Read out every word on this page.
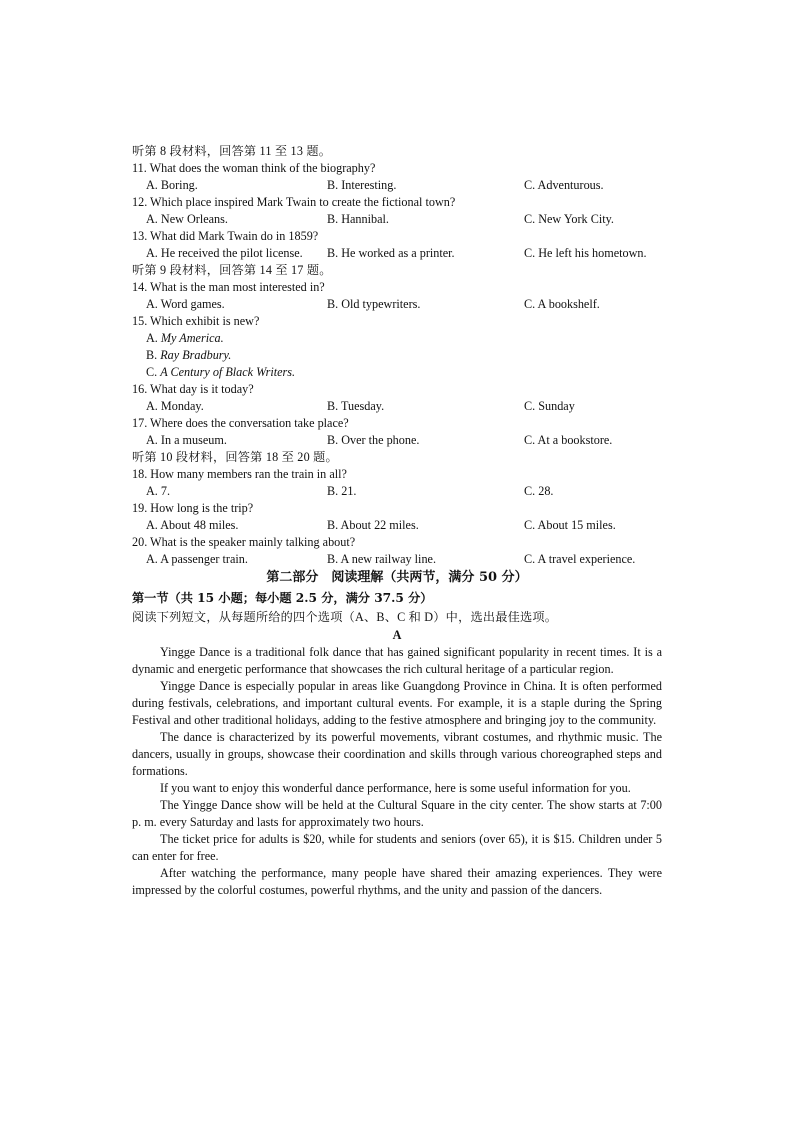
听第 8 段材料，回答第 11 至 13 题。
11. What does the woman think of the biography?
A. Boring.	B. Interesting.	C. Adventurous.
12. Which place inspired Mark Twain to create the fictional town?
A. New Orleans.	B. Hannibal.	C. New York City.
13. What did Mark Twain do in 1859?
A. He received the pilot license. B. He worked as a printer.	C. He left his hometown.
听第 9 段材料，回答第 14 至 17 题。
14. What is the man most interested in?
A. Word games.	B. Old typewriters.	C. A bookshelf.
15. Which exhibit is new?
A. My America.
B. Ray Bradbury.
C. A Century of Black Writers.
16. What day is it today?
A. Monday.	B. Tuesday.	C. Sunday
17. Where does the conversation take place?
A. In a museum.	B. Over the phone.	C. At a bookstore.
听第 10 段材料，回答第 18 至 20 题。
18. How many members ran the train in all?
A. 7.	B. 21.	C. 28.
19. How long is the trip?
A. About 48 miles.	B. About 22 miles.	C. About 15 miles.
20. What is the speaker mainly talking about?
A. A passenger train.	B. A new railway line.	C. A travel experience.
第二部分　阅读理解（共两节，满分 50 分）
第一节（共 15 小题；每小题 2.5 分，满分 37.5 分）
阅读下列短文，从每题所给的四个选项（A、B、C 和 D）中，选出最佳选项。
A

Yingge Dance is a traditional folk dance that has gained significant popularity in recent times. It is a dynamic and energetic performance that showcases the rich cultural heritage of a particular region.

Yingge Dance is especially popular in areas like Guangdong Province in China. It is often performed during festivals, celebrations, and important cultural events. For example, it is a staple during the Spring Festival and other traditional holidays, adding to the festive atmosphere and bringing joy to the community.

The dance is characterized by its powerful movements, vibrant costumes, and rhythmic music. The dancers, usually in groups, showcase their coordination and skills through various choreographed steps and formations.

If you want to enjoy this wonderful dance performance, here is some useful information for you.

The Yingge Dance show will be held at the Cultural Square in the city center. The show starts at 7:00 p. m. every Saturday and lasts for approximately two hours.

The ticket price for adults is $20, while for students and seniors (over 65), it is $15. Children under 5 can enter for free.

After watching the performance, many people have shared their amazing experiences. They were impressed by the colorful costumes, powerful rhythms, and the unity and passion of the dancers.
